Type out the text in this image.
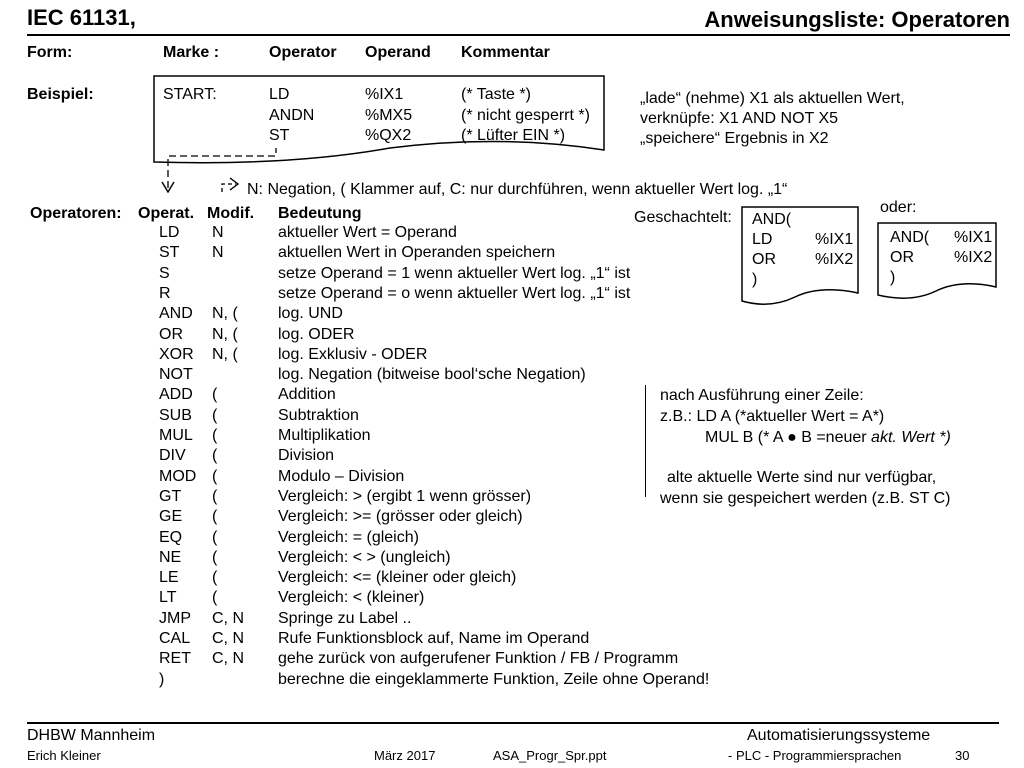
IEC 61131,	Anweisungsliste: Operatoren
Form:	Marke :	Operator Operand Kommentar
Beispiel:	START:	LD	%IX1	(* Taste *)
ANDN	%MX5	(* nicht gesperrt *)
ST	%QX2	(* Lüfter EIN *)
„lade“ (nehme) X1 als aktuellen Wert,
verknüpfe: X1 AND NOT X5
„speichere“ Ergebnis in X2
N: Negation, ( Klammer auf, C: nur durchführen, wenn aktueller Wert log. „1“
Operatoren: Operat. Modif. Bedeutung
LD N	aktueller Wert = Operand
ST N	aktuellen Wert in Operanden speichern
S	setze Operand = 1 wenn aktueller Wert log. „1“ ist
R	setze Operand = o wenn aktueller Wert log. „1“ ist
AND N, (	log. UND
OR N, (	log. ODER
XOR N, (	log. Exklusiv - ODER
NOT	log. Negation (bitweise bool‘sche Negation)
ADD (	Addition
SUB (	Subtraktion
MUL (	Multiplikation
DIV (	Division
MOD (	Modulo – Division
GT (	Vergleich: > (ergibt 1 wenn grösser)
GE (	Vergleich: >= (grösser oder gleich)
EQ (	Vergleich: = (gleich)
NE (	Vergleich: < > (ungleich)
LE (	Vergleich: <= (kleiner oder gleich)
LT (	Vergleich: < (kleiner)
JMP C, N Springe zu Label ..
CAL C, N Rufe Funktionsblock auf, Name im Operand
RET C, N gehe zurück von aufgerufener Funktion / FB / Programm
)	berechne die eingeklammerte Funktion, Zeile ohne Operand!
Geschachtelt: AND(
LD	%IX1
OR %IX2
)
oder:
AND( %IX1
OR	%IX2
)
nach Ausführung einer Zeile:
z.B.: LD A (*aktueller Wert = A*)
MUL B (* A ● B =neuer akt. Wert *)
alte aktuelle Werte sind nur verfügbar,
wenn sie gespeichert werden (z.B. ST C)
DHBW Mannheim
Erich Kleiner	März 2017	ASA_Progr_Spr.ppt
Automatisierungssysteme
- PLC - Programmiersprachen	30
